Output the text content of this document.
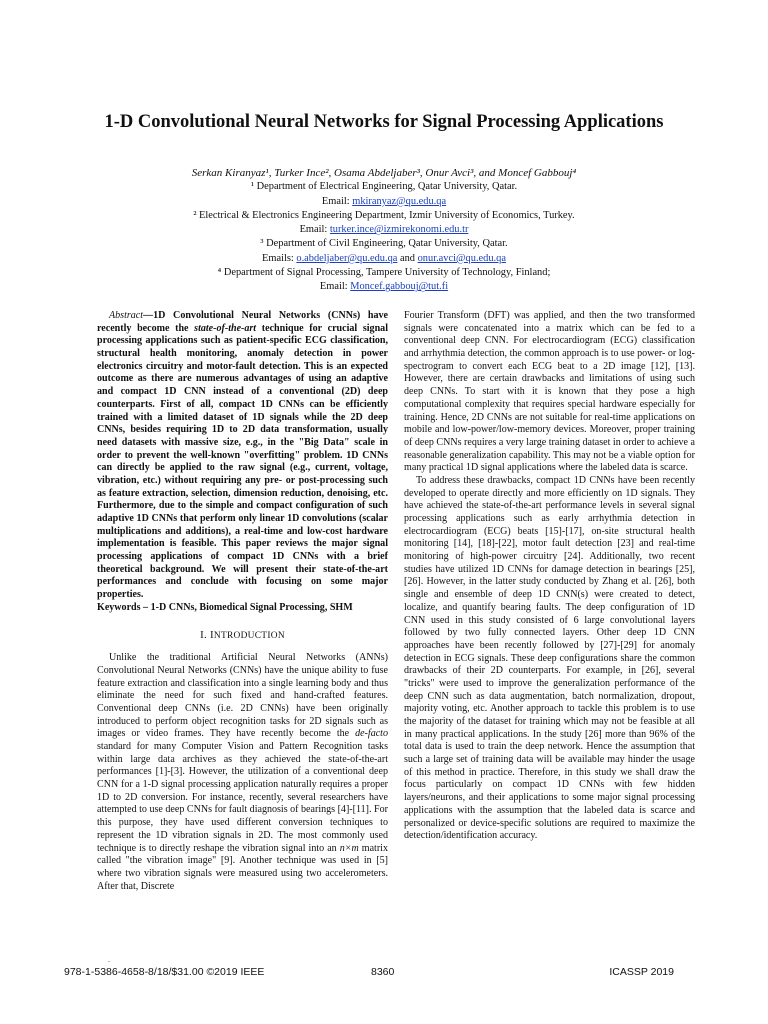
1-D Convolutional Neural Networks for Signal Processing Applications
Serkan Kiranyaz¹, Turker Ince², Osama Abdeljaber³, Onur Avci³, and Moncef Gabbouj⁴
¹ Department of Electrical Engineering, Qatar University, Qatar.
Email: mkiranyaz@qu.edu.qa
² Electrical & Electronics Engineering Department, Izmir University of Economics, Turkey.
Email: turker.ince@izmirekonomi.edu.tr
³ Department of Civil Engineering, Qatar University, Qatar.
Emails: o.abdeljaber@qu.edu.qa and onur.avci@qu.edu.qa
⁴ Department of Signal Processing, Tampere University of Technology, Finland;
Email: Moncef.gabbouj@tut.fi

Abstract—1D Convolutional Neural Networks (CNNs) have recently become the state-of-the-art technique for crucial signal processing applications such as patient-specific ECG classification, structural health monitoring, anomaly detection in power electronics circuitry and motor-fault detection. This is an expected outcome as there are numerous advantages of using an adaptive and compact 1D CNN instead of a conventional (2D) deep counterparts. First of all, compact 1D CNNs can be efficiently trained with a limited dataset of 1D signals while the 2D deep CNNs, besides requiring 1D to 2D data transformation, usually need datasets with massive size, e.g., in the "Big Data" scale in order to prevent the well-known "overfitting" problem. 1D CNNs can directly be applied to the raw signal (e.g., current, voltage, vibration, etc.) without requiring any pre- or post-processing such as feature extraction, selection, dimension reduction, denoising, etc. Furthermore, due to the simple and compact configuration of such adaptive 1D CNNs that perform only linear 1D convolutions (scalar multiplications and additions), a real-time and low-cost hardware implementation is feasible. This paper reviews the major signal processing applications of compact 1D CNNs with a brief theoretical background. We will present their state-of-the-art performances and conclude with focusing on some major properties.

Keywords – 1-D CNNs, Biomedical Signal Processing, SHM

I. INTRODUCTION

Unlike the traditional Artificial Neural Networks (ANNs) Convolutional Neural Networks (CNNs) have the unique ability to fuse feature extraction and classification into a single learning body and thus eliminate the need for such fixed and hand-crafted features. Conventional deep CNNs (i.e. 2D CNNs) have been originally introduced to perform object recognition tasks for 2D signals such as images or video frames. They have recently become the de-facto standard for many Computer Vision and Pattern Recognition tasks within large data archives as they achieved the state-of-the-art performances [1]-[3]. However, the utilization of a conventional deep CNN for a 1-D signal processing application naturally requires a proper 1D to 2D conversion. For instance, recently, several researchers have attempted to use deep CNNs for fault diagnosis of bearings [4]-[11]. For this purpose, they have used different conversion techniques to represent the 1D vibration signals in 2D. The most commonly used technique is to directly reshape the vibration signal into an n×m matrix called "the vibration image" [9]. Another technique was used in [5] where two vibration signals were measured using two accelerometers. After that, Discrete

Fourier Transform (DFT) was applied, and then the two transformed signals were concatenated into a matrix which can be fed to a conventional deep CNN. For electrocardiogram (ECG) classification and arrhythmia detection, the common approach is to use power- or log-spectrogram to convert each ECG beat to a 2D image [12], [13]. However, there are certain drawbacks and limitations of using such deep CNNs. To start with it is known that they pose a high computational complexity that requires special hardware especially for training. Hence, 2D CNNs are not suitable for real-time applications on mobile and low-power/low-memory devices. Moreover, proper training of deep CNNs requires a very large training dataset in order to achieve a reasonable generalization capability. This may not be a viable option for many practical 1D signal applications where the labeled data is scarce.

To address these drawbacks, compact 1D CNNs have been recently developed to operate directly and more efficiently on 1D signals. They have achieved the state-of-the-art performance levels in several signal processing applications such as early arrhythmia detection in electrocardiogram (ECG) beats [15]-[17], on-site structural health monitoring [14], [18]-[22], motor fault detection [23] and real-time monitoring of high-power circuitry [24]. Additionally, two recent studies have utilized 1D CNNs for damage detection in bearings [25], [26]. However, in the latter study conducted by Zhang et al. [26], both single and ensemble of deep 1D CNN(s) were created to detect, localize, and quantify bearing faults. The deep configuration of 1D CNN used in this study consisted of 6 large convolutional layers followed by two fully connected layers. Other deep 1D CNN approaches have been recently followed by [27]-[29] for anomaly detection in ECG signals. These deep configurations share the common drawbacks of their 2D counterparts. For example, in [26], several "tricks" were used to improve the generalization performance of the deep CNN such as data augmentation, batch normalization, dropout, majority voting, etc. Another approach to tackle this problem is to use the majority of the dataset for training which may not be feasible at all in many practical applications. In the study [26] more than 96% of the total data is used to train the deep network. Hence the assumption that such a large set of training data will be available may hinder the usage of this method in practice. Therefore, in this study we shall draw the focus particularly on compact 1D CNNs with few hidden layers/neurons, and their applications to some major signal processing applications with the assumption that the labeled data is scarce and personalized or device-specific solutions are required to maximize the detection/identification accuracy.

.
978-1-5386-4658-8/18/$31.00 ©2019 IEEE	8360	ICASSP 2019
